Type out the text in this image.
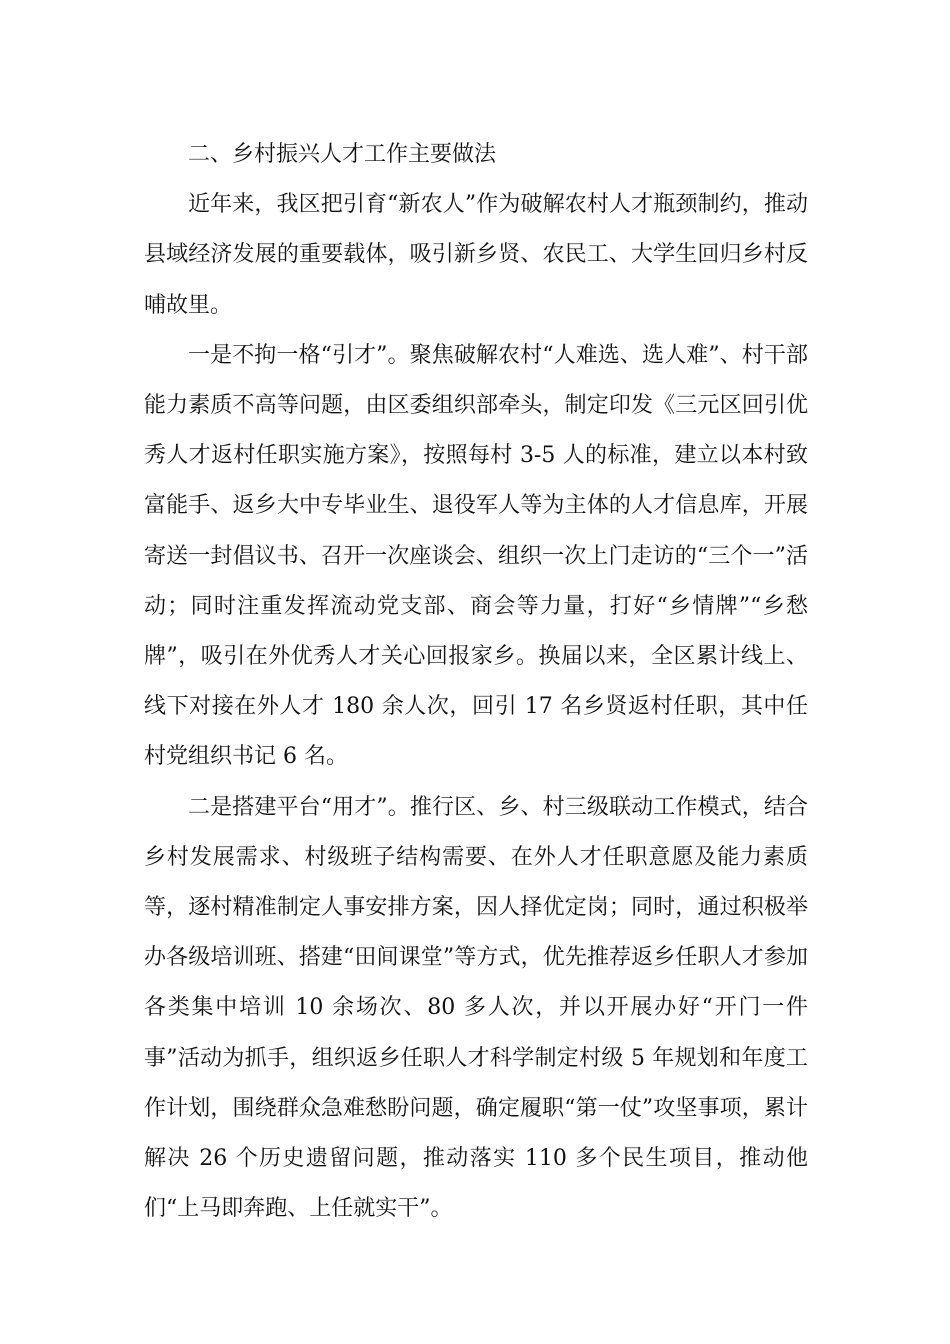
二、乡村振兴人才工作主要做法

近年来，我区把引育“新农人”作为破解农村人才瓶颈制约，推动县域经济发展的重要载体，吸引新乡贤、农民工、大学生回归乡村反哺故里。

一是不拘一格“引才”。聚焦破解农村“人难选、选人难”、村干部能力素质不高等问题，由区委组织部牵头，制定印发《三元区回引优秀人才返村任职实施方案》，按照每村 3-5 人的标准，建立以本村致富能手、返乡大中专毕业生、退役军人等为主体的人才信息库，开展寄送一封倡议书、召开一次座谈会、组织一次上门走访的“三个一”活动；同时注重发挥流动党支部、商会等力量，打好“乡情牌”“乡愁牌”，吸引在外优秀人才关心回报家乡。换届以来，全区累计线上、线下对接在外人才 180 余人次，回引 17 名乡贤返村任职，其中任村党组织书记 6 名。

二是搭建平台“用才”。推行区、乡、村三级联动工作模式，结合乡村发展需求、村级班子结构需要、在外人才任职意愿及能力素质等，逐村精准制定人事安排方案，因人择优定岗；同时，通过积极举办各级培训班、搭建“田间课堂”等方式，优先推荐返乡任职人才参加各类集中培训 10 余场次、80 多人次，并以开展办好“开门一件事”活动为抓手，组织返乡任职人才科学制定村级 5 年规划和年度工作计划，围绕群众急难愁盼问题，确定履职“第一仗”攻坚事项，累计解决 26 个历史遗留问题，推动落实 110 多个民生项目，推动他们“上马即奔跑、上任就实干”。
